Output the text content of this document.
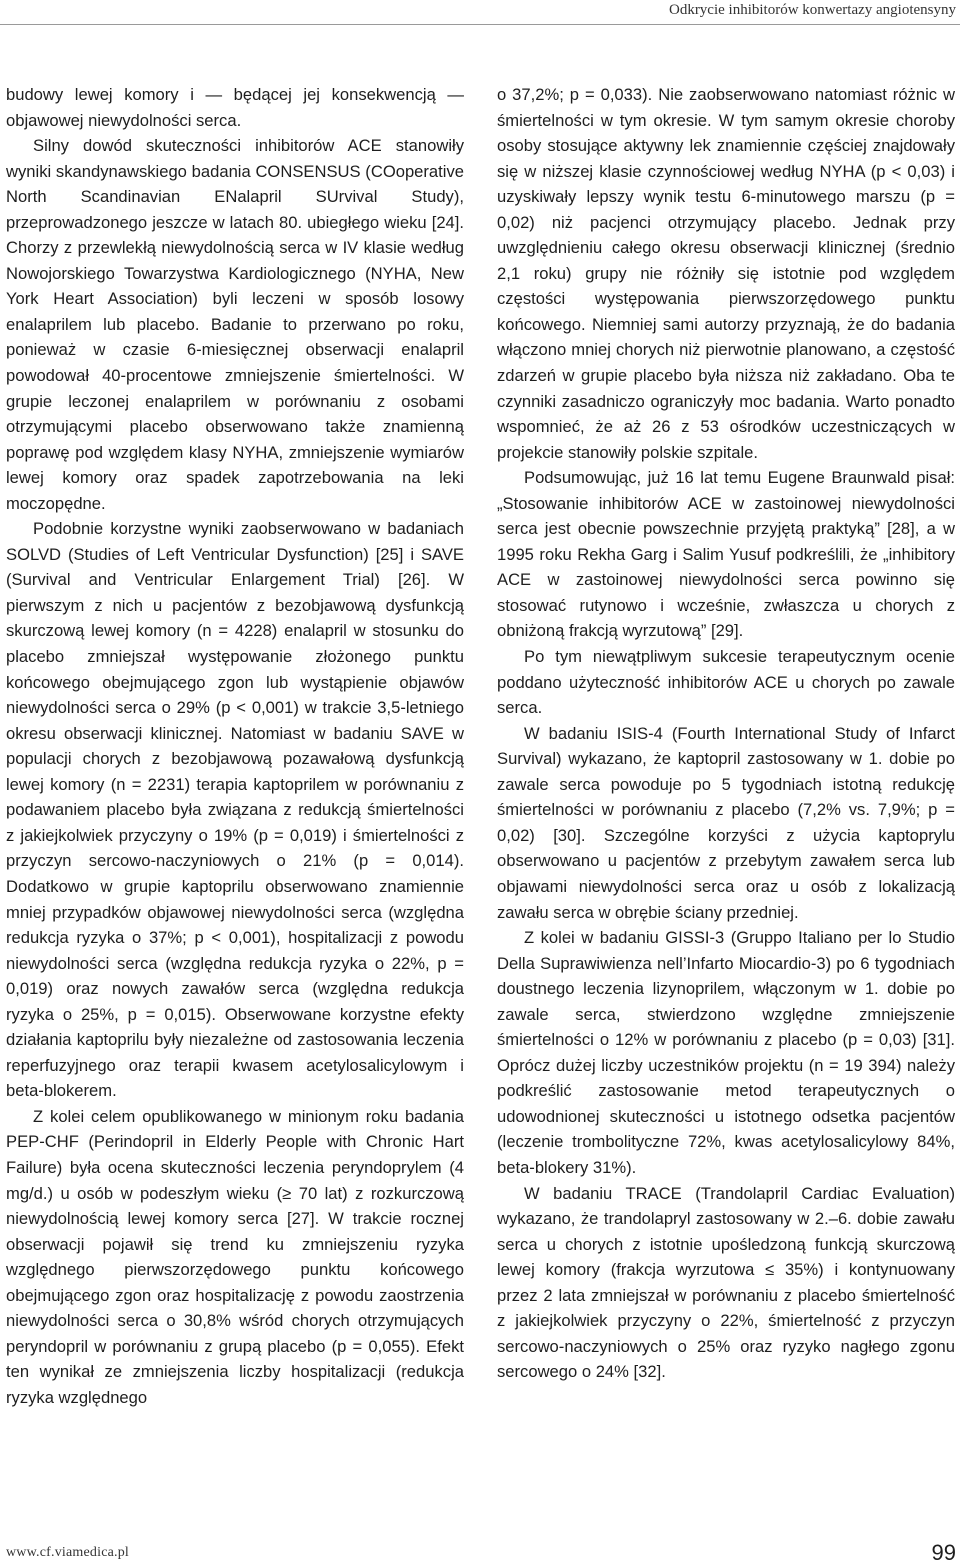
Odkrycie inhibitorów konwertazy angiotensyny

budowy lewej komory i — będącej jej konsekwencją — objawowej niewydolności serca.

Silny dowód skuteczności inhibitorów ACE stanowiły wyniki skandynawskiego badania CONSENSUS (COoperative North Scandinavian ENalapril SUrvival Study), przeprowadzonego jeszcze w latach 80. ubiegłego wieku [24]. Chorzy z przewlekłą niewydolnością serca w IV klasie według Nowojorskiego Towarzystwa Kardiologicznego (NYHA, New York Heart Association) byli leczeni w sposób losowy enalaprilem lub placebo. Badanie to przerwano po roku, ponieważ w czasie 6-miesięcznej obserwacji enalapril powodował 40-procentowe zmniejszenie śmiertelności. W grupie leczonej enalaprilem w porównaniu z osobami otrzymującymi placebo obserwowano także znamienną poprawę pod względem klasy NYHA, zmniejszenie wymiarów lewej komory oraz spadek zapotrzebowania na leki moczopędne.

Podobnie korzystne wyniki zaobserwowano w badaniach SOLVD (Studies of Left Ventricular Dysfunction) [25] i SAVE (Survival and Ventricular Enlargement Trial) [26]. W pierwszym z nich u pacjentów z bezobjawową dysfunkcją skurczową lewej komory (n = 4228) enalapril w stosunku do placebo zmniejszał występowanie złożonego punktu końcowego obejmującego zgon lub wystąpienie objawów niewydolności serca o 29% (p < 0,001) w trakcie 3,5-letniego okresu obserwacji klinicznej. Natomiast w badaniu SAVE w populacji chorych z bezobjawową pozawałową dysfunkcją lewej komory (n = 2231) terapia kaptoprilem w porównaniu z podawaniem placebo była związana z redukcją śmiertelności z jakiejkolwiek przyczyny o 19% (p = 0,019) i śmiertelności z przyczyn sercowo-naczyniowych o 21% (p = 0,014). Dodatkowo w grupie kaptoprilu obserwowano znamiennie mniej przypadków objawowej niewydolności serca (względna redukcja ryzyka o 37%; p < 0,001), hospitalizacji z powodu niewydolności serca (względna redukcja ryzyka o 22%, p = 0,019) oraz nowych zawałów serca (względna redukcja ryzyka o 25%, p = 0,015). Obserwowane korzystne efekty działania kaptoprilu były niezależne od zastosowania leczenia reperfuzyjnego oraz terapii kwasem acetylosalicylowym i beta-blokerem.

Z kolei celem opublikowanego w minionym roku badania PEP-CHF (Perindopril in Elderly People with Chronic Hart Failure) była ocena skuteczności leczenia peryndoprylem (4 mg/d.) u osób w podeszłym wieku (≥ 70 lat) z rozkurczową niewydolnością lewej komory serca [27]. W trakcie rocznej obserwacji pojawił się trend ku zmniejszeniu ryzyka względnego pierwszorzędowego punktu końcowego obejmującego zgon oraz hospitalizację z powodu zaostrzenia niewydolności serca o 30,8% wśród chorych otrzymujących peryndopril w porównaniu z grupą placebo (p = 0,055). Efekt ten wynikał ze zmniejszenia liczby hospitalizacji (redukcja ryzyka względnego

o 37,2%; p = 0,033). Nie zaobserwowano natomiast różnic w śmiertelności w tym okresie. W tym samym okresie choroby osoby stosujące aktywny lek znamiennie częściej znajdowały się w niższej klasie czynnościowej według NYHA (p < 0,03) i uzyskiwały lepszy wynik testu 6-minutowego marszu (p = 0,02) niż pacjenci otrzymujący placebo. Jednak przy uwzględnieniu całego okresu obserwacji klinicznej (średnio 2,1 roku) grupy nie różniły się istotnie pod względem częstości występowania pierwszorzędowego punktu końcowego. Niemniej sami autorzy przyznają, że do badania włączono mniej chorych niż pierwotnie planowano, a częstość zdarzeń w grupie placebo była niższa niż zakładano. Oba te czynniki zasadniczo ograniczyły moc badania. Warto ponadto wspomnieć, że aż 26 z 53 ośrodków uczestniczących w projekcie stanowiły polskie szpitale.

Podsumowując, już 16 lat temu Eugene Braunwald pisał: „Stosowanie inhibitorów ACE w zastoinowej niewydolności serca jest obecnie powszechnie przyjętą praktyką” [28], a w 1995 roku Rekha Garg i Salim Yusuf podkreślili, że „inhibitory ACE w zastoinowej niewydolności serca powinno się stosować rutynowo i wcześnie, zwłaszcza u chorych z obniżoną frakcją wyrzutową” [29].

Po tym niewątpliwym sukcesie terapeutycznym ocenie poddano użyteczność inhibitorów ACE u chorych po zawale serca.

W badaniu ISIS-4 (Fourth International Study of Infarct Survival) wykazano, że kaptopril zastosowany w 1. dobie po zawale serca powoduje po 5 tygodniach istotną redukcję śmiertelności w porównaniu z placebo (7,2% vs. 7,9%; p = 0,02) [30]. Szczególne korzyści z użycia kaptoprylu obserwowano u pacjentów z przebytym zawałem serca lub objawami niewydolności serca oraz u osób z lokalizacją zawału serca w obrębie ściany przedniej.

Z kolei w badaniu GISSI-3 (Gruppo Italiano per lo Studio Della Suprawiwienza nell’Infarto Miocardio-3) po 6 tygodniach doustnego leczenia lizynoprilem, włączonym w 1. dobie po zawale serca, stwierdzono względne zmniejszenie śmiertelności o 12% w porównaniu z placebo (p = 0,03) [31]. Oprócz dużej liczby uczestników projektu (n = 19 394) należy podkreślić zastosowanie metod terapeutycznych o udowodnionej skuteczności u istotnego odsetka pacjentów (leczenie trombolityczne 72%, kwas acetylosalicylowy 84%, beta-blokery 31%).

W badaniu TRACE (Trandolapril Cardiac Evaluation) wykazano, że trandolapryl zastosowany w 2.–6. dobie zawału serca u chorych z istotnie upośledzoną funkcją skurczową lewej komory (frakcja wyrzutowa ≤ 35%) i kontynuowany przez 2 lata zmniejszał w porównaniu z placebo śmiertelność z jakiejkolwiek przyczyny o 22%, śmiertelność z przyczyn sercowo-naczyniowych o 25% oraz ryzyko nagłego zgonu sercowego o 24% [32].

www.cf.viamedica.pl	99
